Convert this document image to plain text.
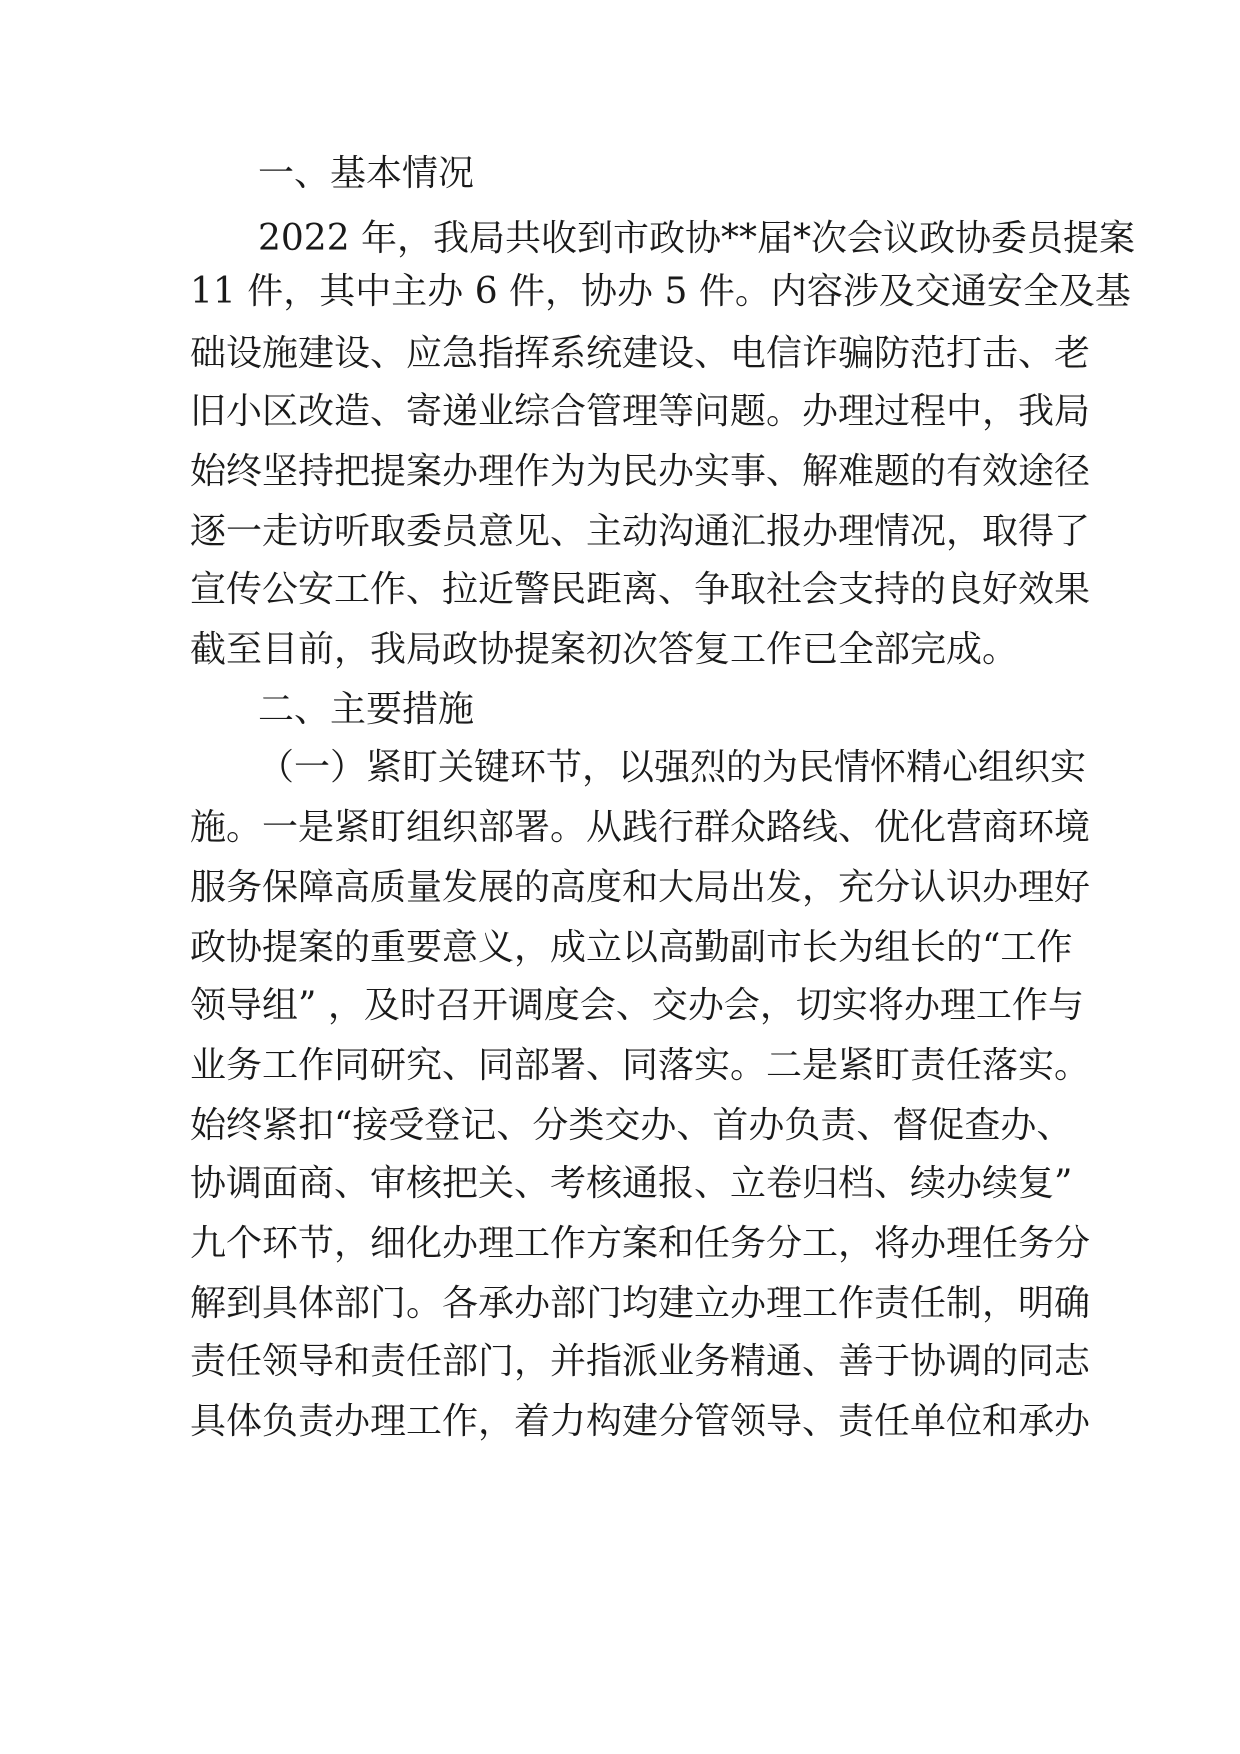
一、基本情况
2022 年，我局共收到市政协**届*次会议政协委员提案
11 件，其中主办 6 件，协办 5 件。内容涉及交通安全及基
础设施建设、应急指挥系统建设、电信诈骗防范打击、老
旧小区改造、寄递业综合管理等问题。办理过程中，我局
始终坚持把提案办理作为为民办实事、解难题的有效途径
逐一走访听取委员意见、主动沟通汇报办理情况，取得了
宣传公安工作、拉近警民距离、争取社会支持的良好效果
截至目前，我局政协提案初次答复工作已全部完成。
二、主要措施
（一）紧盯关键环节，以强烈的为民情怀精心组织实
施。一是紧盯组织部署。从践行群众路线、优化营商环境
服务保障高质量发展的高度和大局出发，充分认识办理好
政协提案的重要意义，成立以高勤副市长为组长的“工作
领导组” ，及时召开调度会、交办会，切实将办理工作与
业务工作同研究、同部署、同落实。二是紧盯责任落实。
始终紧扣“接受登记、分类交办、首办负责、督促查办、
协调面商、审核把关、考核通报、立卷归档、续办续复”
九个环节，细化办理工作方案和任务分工，将办理任务分
解到具体部门。各承办部门均建立办理工作责任制，明确
责任领导和责任部门，并指派业务精通、善于协调的同志
具体负责办理工作，着力构建分管领导、责任单位和承办
